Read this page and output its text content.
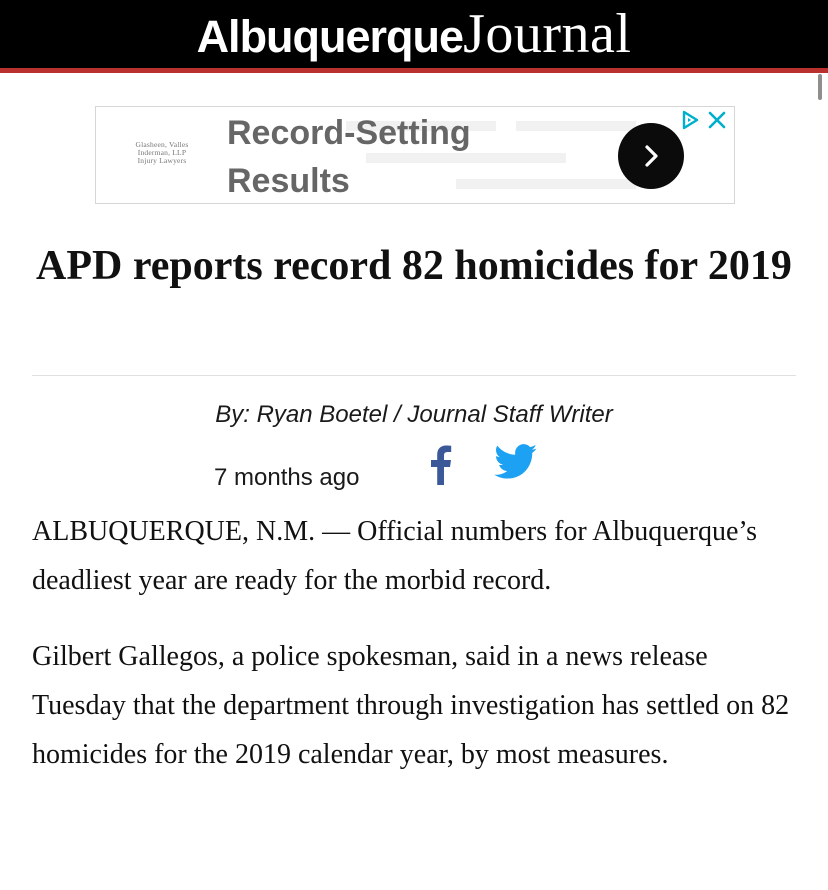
AlbuquerqueJournal
Glasheen, Valles
Inderman, LLP
Injury Lawyers
Record-Setting Results
APD reports record 82 homicides for 2019
By: Ryan Boetel / Journal Staff Writer
7 months ago

ALBUQUERQUE, N.M. — Official numbers for Albuquerque’s deadliest year are ready for the morbid record.

Gilbert Gallegos, a police spokesman, said in a news release Tuesday that the department through investigation has settled on 82 homicides for the 2019 calendar year, by most measures.
